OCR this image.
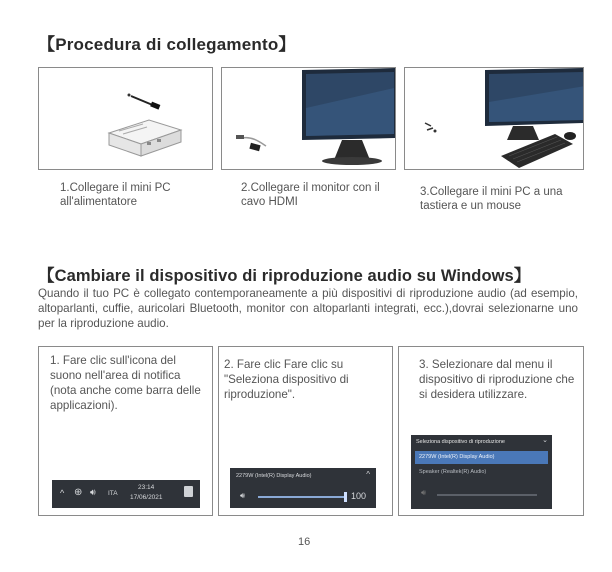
【Procedura di collegamento】
1.Collegare il mini PC all'alimentatore
2.Collegare il monitor con il cavo HDMI
3.Collegare il mini PC a una tastiera e un mouse
【Cambiare il dispositivo di riproduzione audio su Windows】
Quando il tuo PC è collegato contemporaneamente a più dispositivi di riproduzione audio (ad esempio, altoparlanti, cuffie, auricolari Bluetooth, monitor con altoparlanti integrati, ecc.),dovrai selezionarne uno per la riproduzione audio.
1. Fare clic sull'icona del suono nell'area di notifica (nota anche come barra delle applicazioni).
^ ⊕ 🔊︎ ITA
23:14
17/06/2021
2. Fare clic Fare clic su "Seleziona dispositivo di riproduzione".
2279W (Intel(R) Display Audio)	^
🔊︎	100
3. Selezionare dal menu il dispositivo di riproduzione che si desidera utilizzare.
Seleziona dispositivo di riproduzione	⌄
2279W (Intel(R) Display Audio)
Speaker (Realtek(R) Audio)
🔊︎
16
